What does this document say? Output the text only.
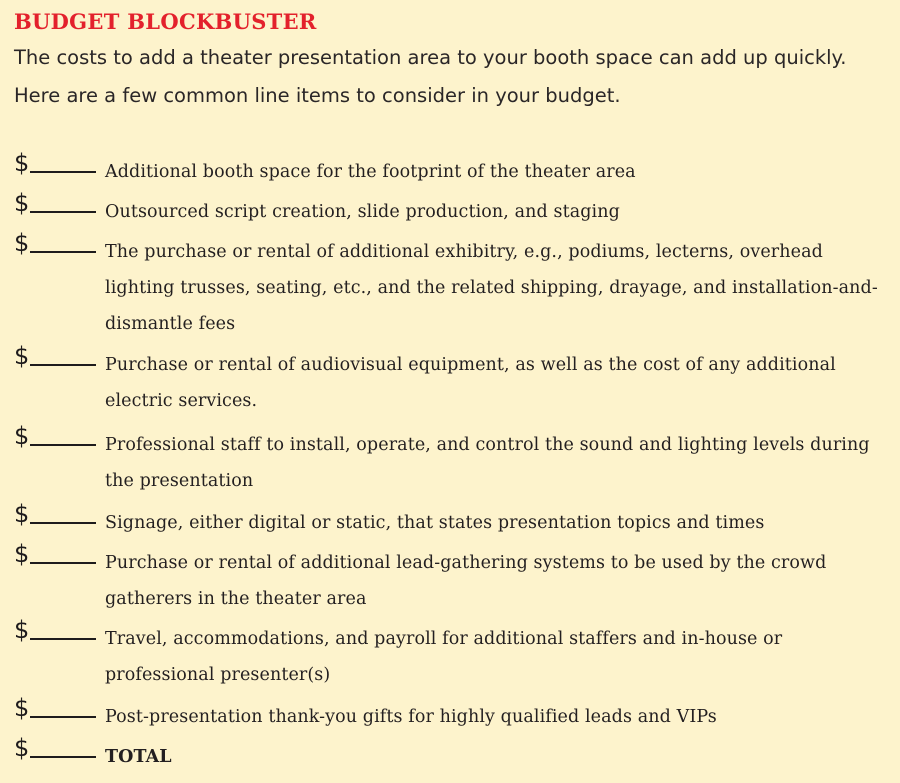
BUDGET BLOCKBUSTER

The costs to add a theater presentation area to your booth space can add up quickly. Here are a few common line items to consider in your budget.

$	Additional booth space for the footprint of the theater area
$	Outsourced script creation, slide production, and staging
$	The purchase or rental of additional exhibitry, e.g., podiums, lecterns, overhead lighting trusses, seating, etc., and the related shipping, drayage, and installation-and-dismantle fees
$	Purchase or rental of audiovisual equipment, as well as the cost of any additional electric services.
$	Professional staff to install, operate, and control the sound and lighting levels during the presentation
$	Signage, either digital or static, that states presentation topics and times
$	Purchase or rental of additional lead-gathering systems to be used by the crowd gatherers in the theater area
$	Travel, accommodations, and payroll for additional staffers and in-house or professional presenter(s)
$	Post-presentation thank-you gifts for highly qualified leads and VIPs
$	TOTAL
